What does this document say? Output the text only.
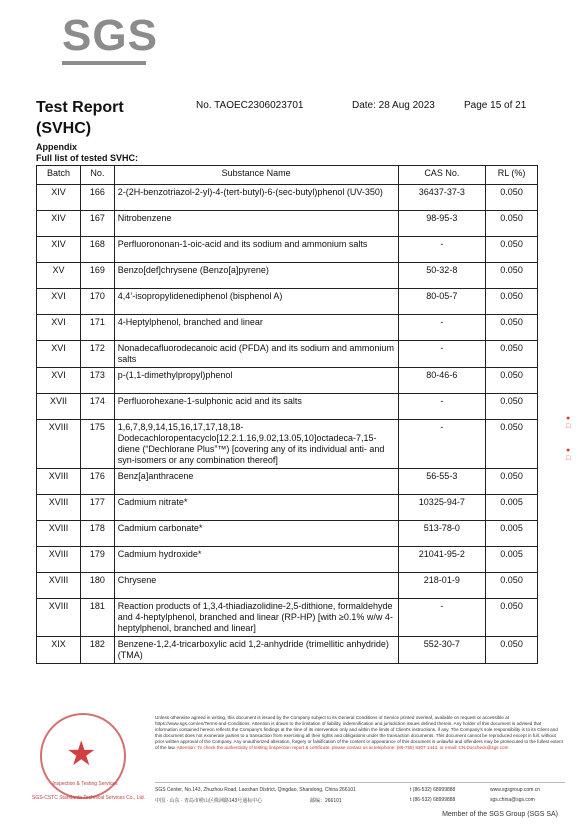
SGS
Test Report
(SVHC)
No. TAOEC2306023701	Date: 28 Aug 2023	Page 15 of 21
Appendix
Full list of tested SVHC:
Batch	No.	Substance Name	CAS No.	RL (%)
XIV	166	2-(2H-benzotriazol-2-yl)-4-(tert-butyl)-6-(sec-butyl)phenol (UV-350)	36437-37-3	0.050
XIV	167	Nitrobenzene	98-95-3	0.050
XIV	168	Perfluorononan-1-oic-acid and its sodium and ammonium salts	-	0.050
XV	169	Benzo[def]chrysene (Benzo[a]pyrene)	50-32-8	0.050
XVI	170	4,4’-isopropylidenediphenol (bisphenol A)	80-05-7	0.050
XVI	171	4-Heptylphenol, branched and linear	-	0.050
XVI	172	Nonadecafluorodecanoic acid (PFDA) and its sodium and ammonium salts	-	0.050
XVI	173	p-(1,1-dimethylpropyl)phenol	80-46-6	0.050
XVII	174	Perfluorohexane-1-sulphonic acid and its salts	-	0.050
XVIII	175	1,6,7,8,9,14,15,16,17,17,18,18-Dodecachloropentacyclo[12.2.1.16,9.02,13.05,10]octadeca-7,15-diene (“Dechlorane Plus”™) [covering any of its individual anti- and syn-isomers or any combination thereof]	-	0.050
XVIII	176	Benz[a]anthracene	56-55-3	0.050
XVIII	177	Cadmium nitrate*	10325-94-7	0.005
XVIII	178	Cadmium carbonate*	513-78-0	0.005
XVIII	179	Cadmium hydroxide*	21041-95-2	0.005
XVIII	180	Chrysene	218-01-9	0.050
XVIII	181	Reaction products of 1,3,4-thiadiazolidine-2,5-dithione, formaldehyde and 4-heptylphenol, branched and linear (RP-HP) [with ≥0.1% w/w 4-heptylphenol, branched and linear]	-	0.050
XIX	182	Benzene-1,2,4-tricarboxylic acid 1,2-anhydride (trimellitic anhydride) (TMA)	552-30-7	0.050
●
□

●
□
★
Inspection & Testing Services
SGS-CSTC Standards Technical Services Co., Ltd.
Unless otherwise agreed in writing, this document is issued by the Company subject to its General Conditions of Service printed overleaf, available on request or accessible at https://www.sgs.com/en/Terms-and-Conditions. Attention is drawn to the limitation of liability, indemnification and jurisdiction issues defined therein. Any holder of this document is advised that information contained hereon reflects the Company's findings at the time of its intervention only and within the limits of Client's instructions, if any. The Company's sole responsibility is to its Client and this document does not exonerate parties to a transaction from exercising all their rights and obligations under the transaction documents. This document cannot be reproduced except in full, without prior written approval of the Company. Any unauthorized alteration, forgery or falsification of the content or appearance of this document is unlawful and offenders may be prosecuted to the fullest extent of the law. Attention: To check the authenticity of testing /inspection report & certificate, please contact us at telephone: (86-755) 8307 1443, or email: CN.Doccheck@sgs.com
SGS Center, No.143, Zhuzhou Road, Laoshan District, Qingdao, Shandong, China 266101
中国 · 山东 · 青岛市崂山区株洲路143号通标中心	邮编：266101
t (86-532) 68999888
t (86-532) 68999888
www.sgsgroup.com.cn
sgs.china@sgs.com
Member of the SGS Group (SGS SA)
